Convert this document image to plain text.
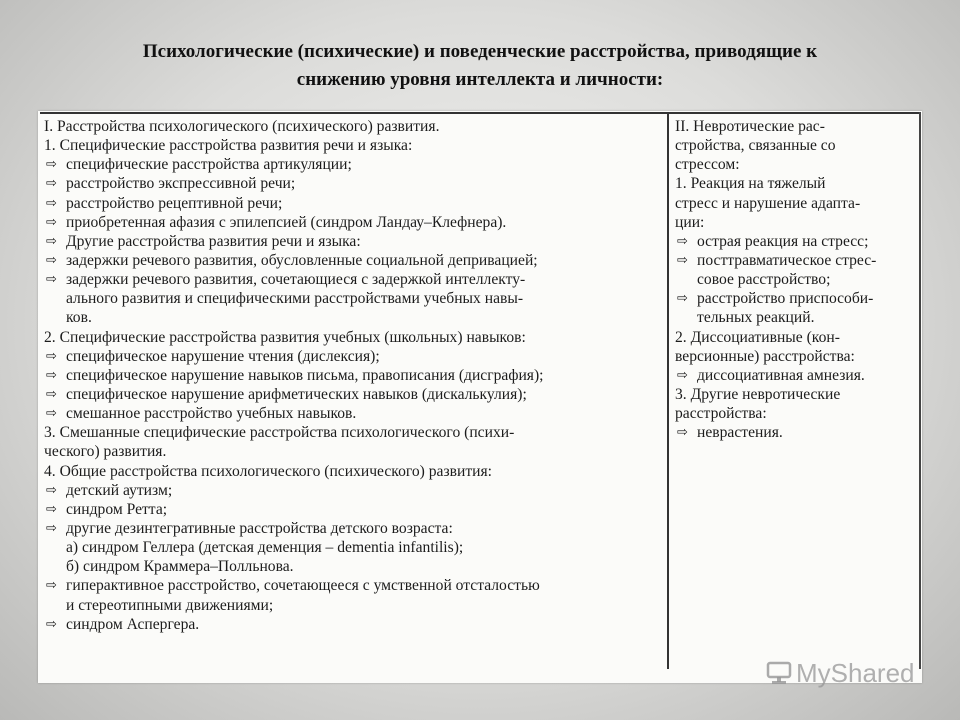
Психологические (психические) и поведенческие расстройства, приводящие к
снижению уровня интеллекта и личности:
I. Расстройства психологического (психического) развития.
1. Специфические расстройства развития речи и языка:
⇨ специфические расстройства артикуляции;
⇨ расстройство экспрессивной речи;
⇨ расстройство рецептивной речи;
⇨ приобретенная афазия с эпилепсией (синдром Ландау–Клефнера).
⇨ Другие расстройства развития речи и языка:
⇨ задержки речевого развития, обусловленные социальной депривацией;
⇨ задержки речевого развития, сочетающиеся с задержкой интеллекту-
ального развития и специфическими расстройствами учебных навы-
ков.
2. Специфические расстройства развития учебных (школьных) навыков:
⇨ специфическое нарушение чтения (дислексия);
⇨ специфическое нарушение навыков письма, правописания (дисграфия);
⇨ специфическое нарушение арифметических навыков (дискалькулия);
⇨ смешанное расстройство учебных навыков.
3. Смешанные специфические расстройства психологического (психи-
ческого) развития.
4. Общие расстройства психологического (психического) развития:
⇨ детский аутизм;
⇨ синдром Ретта;
⇨ другие дезинтегративные расстройства детского возраста:
а) синдром Геллера (детская деменция – dementia infantilis);
б) синдром Краммера–Полльнова.
⇨ гиперактивное расстройство, сочетающееся с умственной отсталостью
и стереотипными движениями;
⇨ синдром Аспергера.
II. Невротические рас-
стройства, связанные со
стрессом:
1. Реакция на тяжелый
стресс и нарушение адапта-
ции:
⇨ острая реакция на стресс;
⇨ посттравматическое стрес-
совое расстройство;
⇨ расстройство приспособи-
тельных реакций.
2. Диссоциативные (кон-
версионные) расстройства:
⇨ диссоциативная амнезия.
3. Другие невротические
расстройства:
⇨ неврастения.
MyShared
